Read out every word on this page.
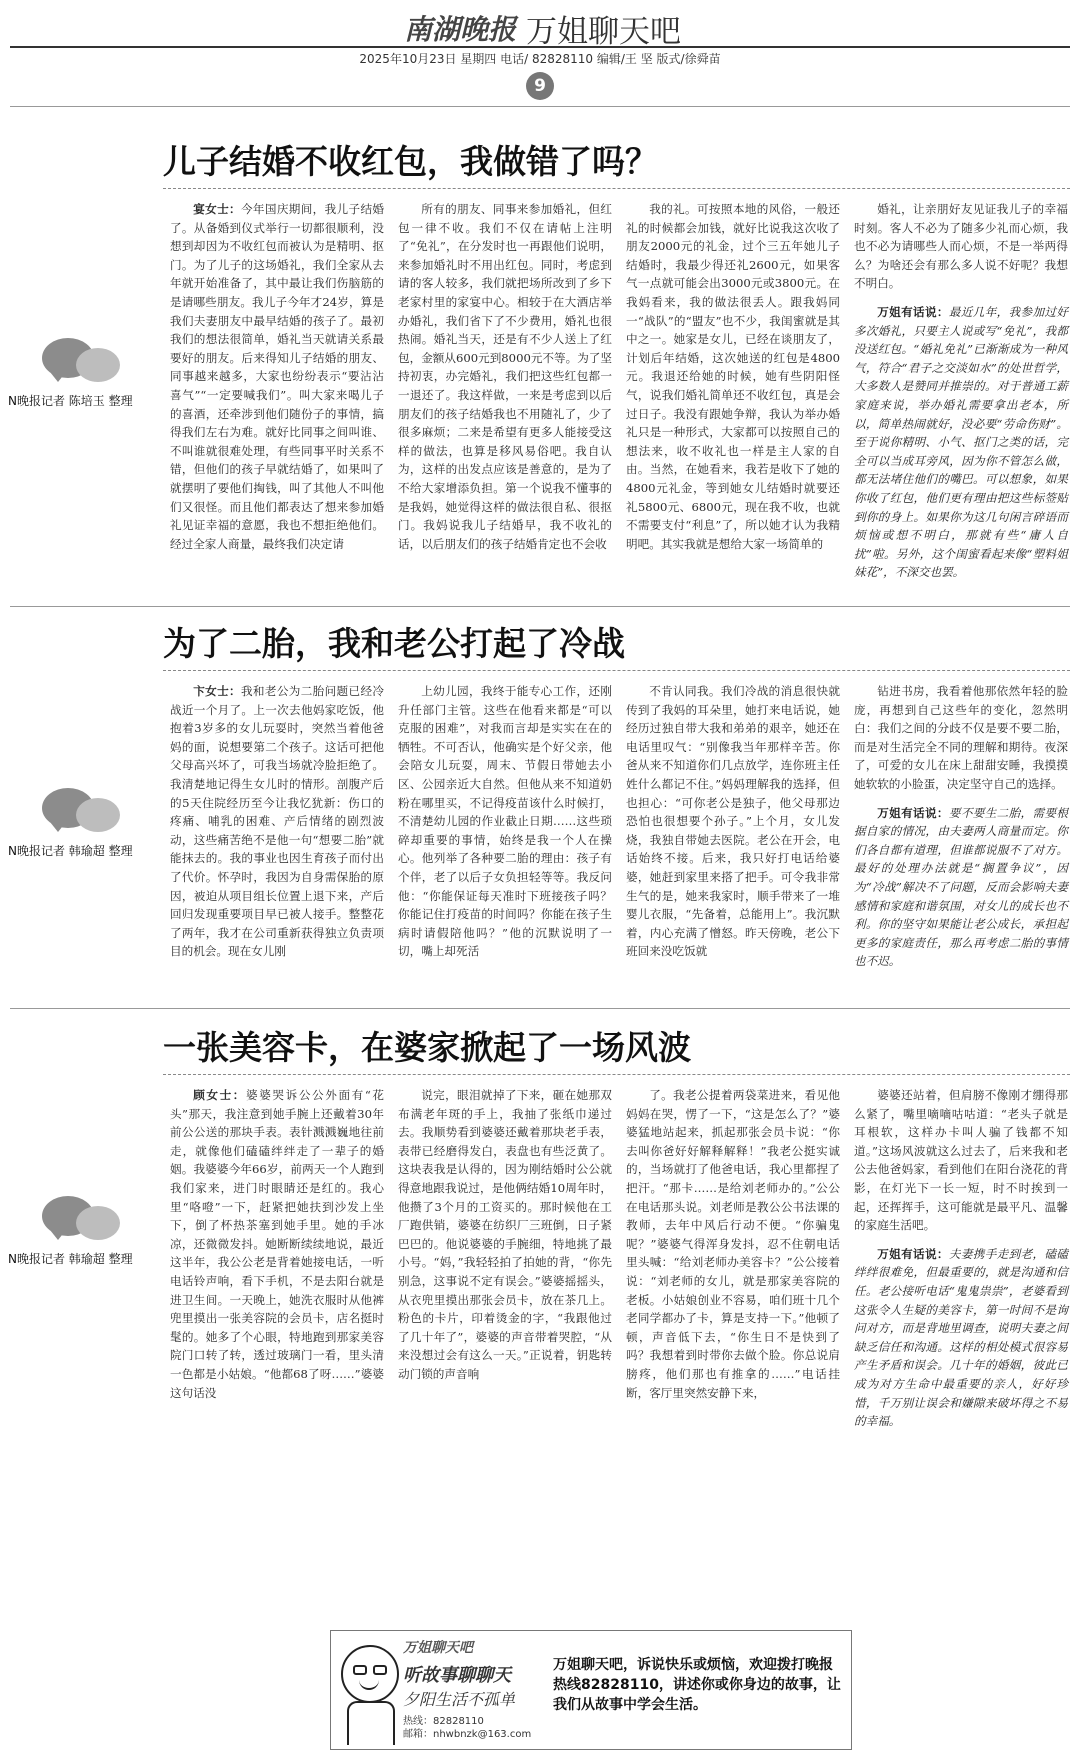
南湖晚报 万姐聊天吧
2025年10月23日 星期四 电话/ 82828110 编辑/王 坚 版式/徐舜苗
9
儿子结婚不收红包，我做错了吗？
N晚报记者 陈培玉 整理

宴女士：今年国庆期间，我儿子结婚了。从备婚到仪式举行一切都很顺利，没想到却因为不收红包而被认为是精明、抠门。为了儿子的这场婚礼，我们全家从去年就开始准备了，其中最让我们伤脑筋的是请哪些朋友。我儿子今年才24岁，算是我们夫妻朋友中最早结婚的孩子了。最初我们的想法很简单，婚礼当天就请关系最要好的朋友。后来得知儿子结婚的朋友、同事越来越多，大家也纷纷表示“要沾沾喜气”“一定要喊我们”。叫大家来喝儿子的喜酒，还牵涉到他们随份子的事情，搞得我们左右为难。就好比同事之间叫谁、不叫谁就很难处理，有些同事平时关系不错，但他们的孩子早就结婚了，如果叫了就摆明了要他们掏钱，叫了其他人不叫他们又很怪。而且他们都表达了想来参加婚礼见证幸福的意愿，我也不想拒绝他们。经过全家人商量，最终我们决定请

所有的朋友、同事来参加婚礼，但红包一律不收。我们不仅在请帖上注明了“免礼”，在分发时也一再跟他们说明，来参加婚礼时不用出红包。同时，考虑到请的客人较多，我们就把场所改到了乡下老家村里的家宴中心。相较于在大酒店举办婚礼，我们省下了不少费用，婚礼也很热闹。婚礼当天，还是有不少人送上了红包，金额从600元到8000元不等。为了坚持初衷，办完婚礼，我们把这些红包都一一退还了。我这样做，一来是考虑到以后朋友们的孩子结婚我也不用随礼了，少了很多麻烦；二来是希望有更多人能接受这样的做法，也算是移风易俗吧。我自认为，这样的出发点应该是善意的，是为了不给大家增添负担。第一个说我不懂事的是我妈，她觉得这样的做法很自私、很抠门。我妈说我儿子结婚早，我不收礼的话，以后朋友们的孩子结婚肯定也不会收

我的礼。可按照本地的风俗，一般还礼的时候都会加钱，就好比说我这次收了朋友2000元的礼金，过个三五年她儿子结婚时，我最少得还礼2600元，如果客气一点就可能会出3000元或3800元。在我妈看来，我的做法很丢人。跟我妈同一“战队”的“盟友”也不少，我闺蜜就是其中之一。她家是女儿，已经在谈朋友了，计划后年结婚，这次她送的红包是4800元。我退还给她的时候，她有些阴阳怪气，说我们婚礼简单还不收红包，真是会过日子。我没有跟她争辩，我认为举办婚礼只是一种形式，大家都可以按照自己的想法来，收不收礼也一样是主人家的自由。当然，在她看来，我若是收下了她的4800元礼金，等到她女儿结婚时就要还礼5800元、6800元，现在我不收，也就不需要支付“利息”了，所以她才认为我精明吧。其实我就是想给大家一场简单的

婚礼，让亲朋好友见证我儿子的幸福时刻。客人不必为了随多少礼而心烦，我也不必为请哪些人而心烦，不是一举两得么？为啥还会有那么多人说不好呢？我想不明白。

万姐有话说：最近几年，我参加过好多次婚礼，只要主人说或写“免礼”，我都没送红包。“婚礼免礼”已渐渐成为一种风气，符合“君子之交淡如水”的处世哲学，大多数人是赞同并推崇的。对于普通工薪家庭来说，举办婚礼需要拿出老本，所以，简单热闹就好，没必要“劳命伤财”。至于说你精明、小气、抠门之类的话，完全可以当成耳旁风，因为你不管怎么做，都无法堵住他们的嘴巴。可以想象，如果你收了红包，他们更有理由把这些标签贴到你的身上。如果你为这几句闲言碎语而烦恼或想不明白，那就有些“庸人自扰”啦。另外，这个闺蜜看起来像“塑料姐妹花”，不深交也罢。

为了二胎，我和老公打起了冷战
N晚报记者 韩瑜超 整理

卞女士：我和老公为二胎问题已经冷战近一个月了。上一次去他妈家吃饭，他抱着3岁多的女儿玩耍时，突然当着他爸妈的面，说想要第二个孩子。这话可把他父母高兴坏了，可我当场就冷脸拒绝了。我清楚地记得生女儿时的情形。剖腹产后的5天住院经历至今让我忆犹新：伤口的疼痛、哺乳的困难、产后情绪的剧烈波动，这些痛苦绝不是他一句“想要二胎”就能抹去的。我的事业也因生育孩子而付出了代价。怀孕时，我因为自身需保胎的原因，被迫从项目组长位置上退下来，产后回归发现重要项目早已被人接手。整整花了两年，我才在公司重新获得独立负责项目的机会。现在女儿刚

上幼儿园，我终于能专心工作，还刚升任部门主管。这些在他看来都是“可以克服的困难”，对我而言却是实实在在的牺牲。不可否认，他确实是个好父亲，他会陪女儿玩耍，周末、节假日带她去小区、公园亲近大自然。但他从来不知道奶粉在哪里买，不记得疫苗该什么时候打，不清楚幼儿园的作业截止日期……这些琐碎却重要的事情，始终是我一个人在操心。他列举了各种要二胎的理由：孩子有个伴，老了以后子女负担轻等等。我反问他：“你能保证每天准时下班接孩子吗？你能记住打疫苗的时间吗？你能在孩子生病时请假陪他吗？”他的沉默说明了一切，嘴上却死活

不肯认同我。我们冷战的消息很快就传到了我妈的耳朵里，她打来电话说，她经历过独自带大我和弟弟的艰辛，她还在电话里叹气：“别像我当年那样辛苦。你爸从来不知道你们几点放学，连你班主任姓什么都记不住。”妈妈理解我的选择，但也担心：“可你老公是独子，他父母那边恐怕也很想要个孙子。”上个月，女儿发烧，我独自带她去医院。老公在开会，电话始终不接。后来，我只好打电话给婆婆，她赶到家里来搭了把手。可令我非常生气的是，她来我家时，顺手带来了一堆婴儿衣服，“先备着，总能用上”。我沉默着，内心充满了憎怒。昨天傍晚，老公下班回来没吃饭就

钻进书房，我看着他那依然年轻的脸庞，再想到自己这些年的变化，忽然明白：我们之间的分歧不仅是要不要二胎，而是对生活完全不同的理解和期待。夜深了，可爱的女儿在床上甜甜安睡，我摸摸她软软的小脸蛋，决定坚守自己的选择。

万姐有话说：要不要生二胎，需要根据自家的情况，由夫妻两人商量而定。你们各自都有道理，但谁都说服不了对方。最好的处理办法就是“搁置争议”，因为“冷战”解决不了问题，反而会影响夫妻感情和家庭和谐氛围，对女儿的成长也不利。你的坚守如果能让老公成长，承担起更多的家庭责任，那么再考虑二胎的事情也不迟。

一张美容卡，在婆家掀起了一场风波
N晚报记者 韩瑜超 整理

顾女士：婆婆哭诉公公外面有“花头”那天，我注意到她手腕上还戴着30年前公公送的那块手表。表针溅溅巍地往前走，就像他们磕磕绊绊走了一辈子的婚姻。我婆婆今年66岁，前两天一个人跑到我们家来，进门时眼睛还是红的。我心里“咯噔”一下，赶紧把她扶到沙发上坐下，倒了杯热茶塞到她手里。她的手冰凉，还微微发抖。她断断续续地说，最近这半年，我公公老是背着她接电话，一听电话铃声响，看下手机，不是去阳台就是进卫生间。一天晚上，她洗衣服时从他裤兜里摸出一张美容院的会员卡，店名挺时髦的。她多了个心眼，特地跑到那家美容院门口转了转，透过玻璃门一看，里头清一色都是小姑娘。“他都68了呀……”婆婆这句话没

说完，眼泪就掉了下来，砸在她那双布满老年斑的手上，我抽了张纸巾递过去。我顺势看到婆婆还戴着那块老手表，表带已经磨得发白，表盘也有些泛黄了。这块表我是认得的，因为刚结婚时公公就得意地跟我说过，是他俩结婚10周年时，他攒了3个月的工资买的。那时候他在工厂跑供销，婆婆在纺织厂三班倒，日子紧巴巴的。他说婆婆的手腕细，特地挑了最小号。“妈，”我轻轻拍了拍她的背，“你先别急，这事说不定有误会。”婆婆摇摇头，从衣兜里摸出那张会员卡，放在茶几上。粉色的卡片，印着烫金的字，“我跟他过了几十年了”，婆婆的声音带着哭腔，“从来没想过会有这么一天。”正说着，钥匙转动门锁的声音响

了。我老公提着两袋菜进来，看见他妈妈在哭，愣了一下，“这是怎么了？”婆婆猛地站起来，抓起那张会员卡说：“你去叫你爸好好解释解释！”我老公挺实诚的，当场就打了他爸电话，我心里都捏了把汗。“那卡……是给刘老师办的。”公公在电话那头说。刘老师是教公公书法课的教师，去年中风后行动不便。“你骗鬼呢？”婆婆气得浑身发抖，忍不住朝电话里头喊：“给刘老师办美容卡？”公公接着说：“刘老师的女儿，就是那家美容院的老板。小姑娘创业不容易，咱们班十几个老同学都办了卡，算是支持一下。”他顿了顿，声音低下去，“你生日不是快到了吗？我想着到时带你去做个脸。你总说肩膀疼，他们那也有推拿的……”电话挂断，客厅里突然安静下来，

婆婆还站着，但肩膀不像刚才绷得那么紧了，嘴里嘀嘀咕咕道：“老头子就是耳根软，这样办卡叫人骗了钱都不知道。”这场风波就这么过去了，后来我和老公去他爸妈家，看到他们在阳台浇花的背影，在灯光下一长一短，时不时挨到一起，还挥挥手，这可能就是最平凡、温馨的家庭生活吧。

万姐有话说：夫妻携手走到老，磕磕绊绊很难免，但最重要的，就是沟通和信任。老公接听电话“鬼鬼祟祟”，老婆看到这张令人生疑的美容卡，第一时间不是询问对方，而是背地里调查，说明夫妻之间缺乏信任和沟通。这样的相处模式很容易产生矛盾和误会。几十年的婚姻，彼此已成为对方生命中最重要的亲人，好好珍惜，千万别让误会和嫌隙来破坏得之不易的幸福。

万姐聊天吧
听故事聊聊天
夕阳生活不孤单
热线：82828110
邮箱：nhwbnzk@163.com
万姐聊天吧，诉说快乐或烦恼，欢迎拨打晚报热线82828110，讲述你或你身边的故事，让我们从故事中学会生活。
